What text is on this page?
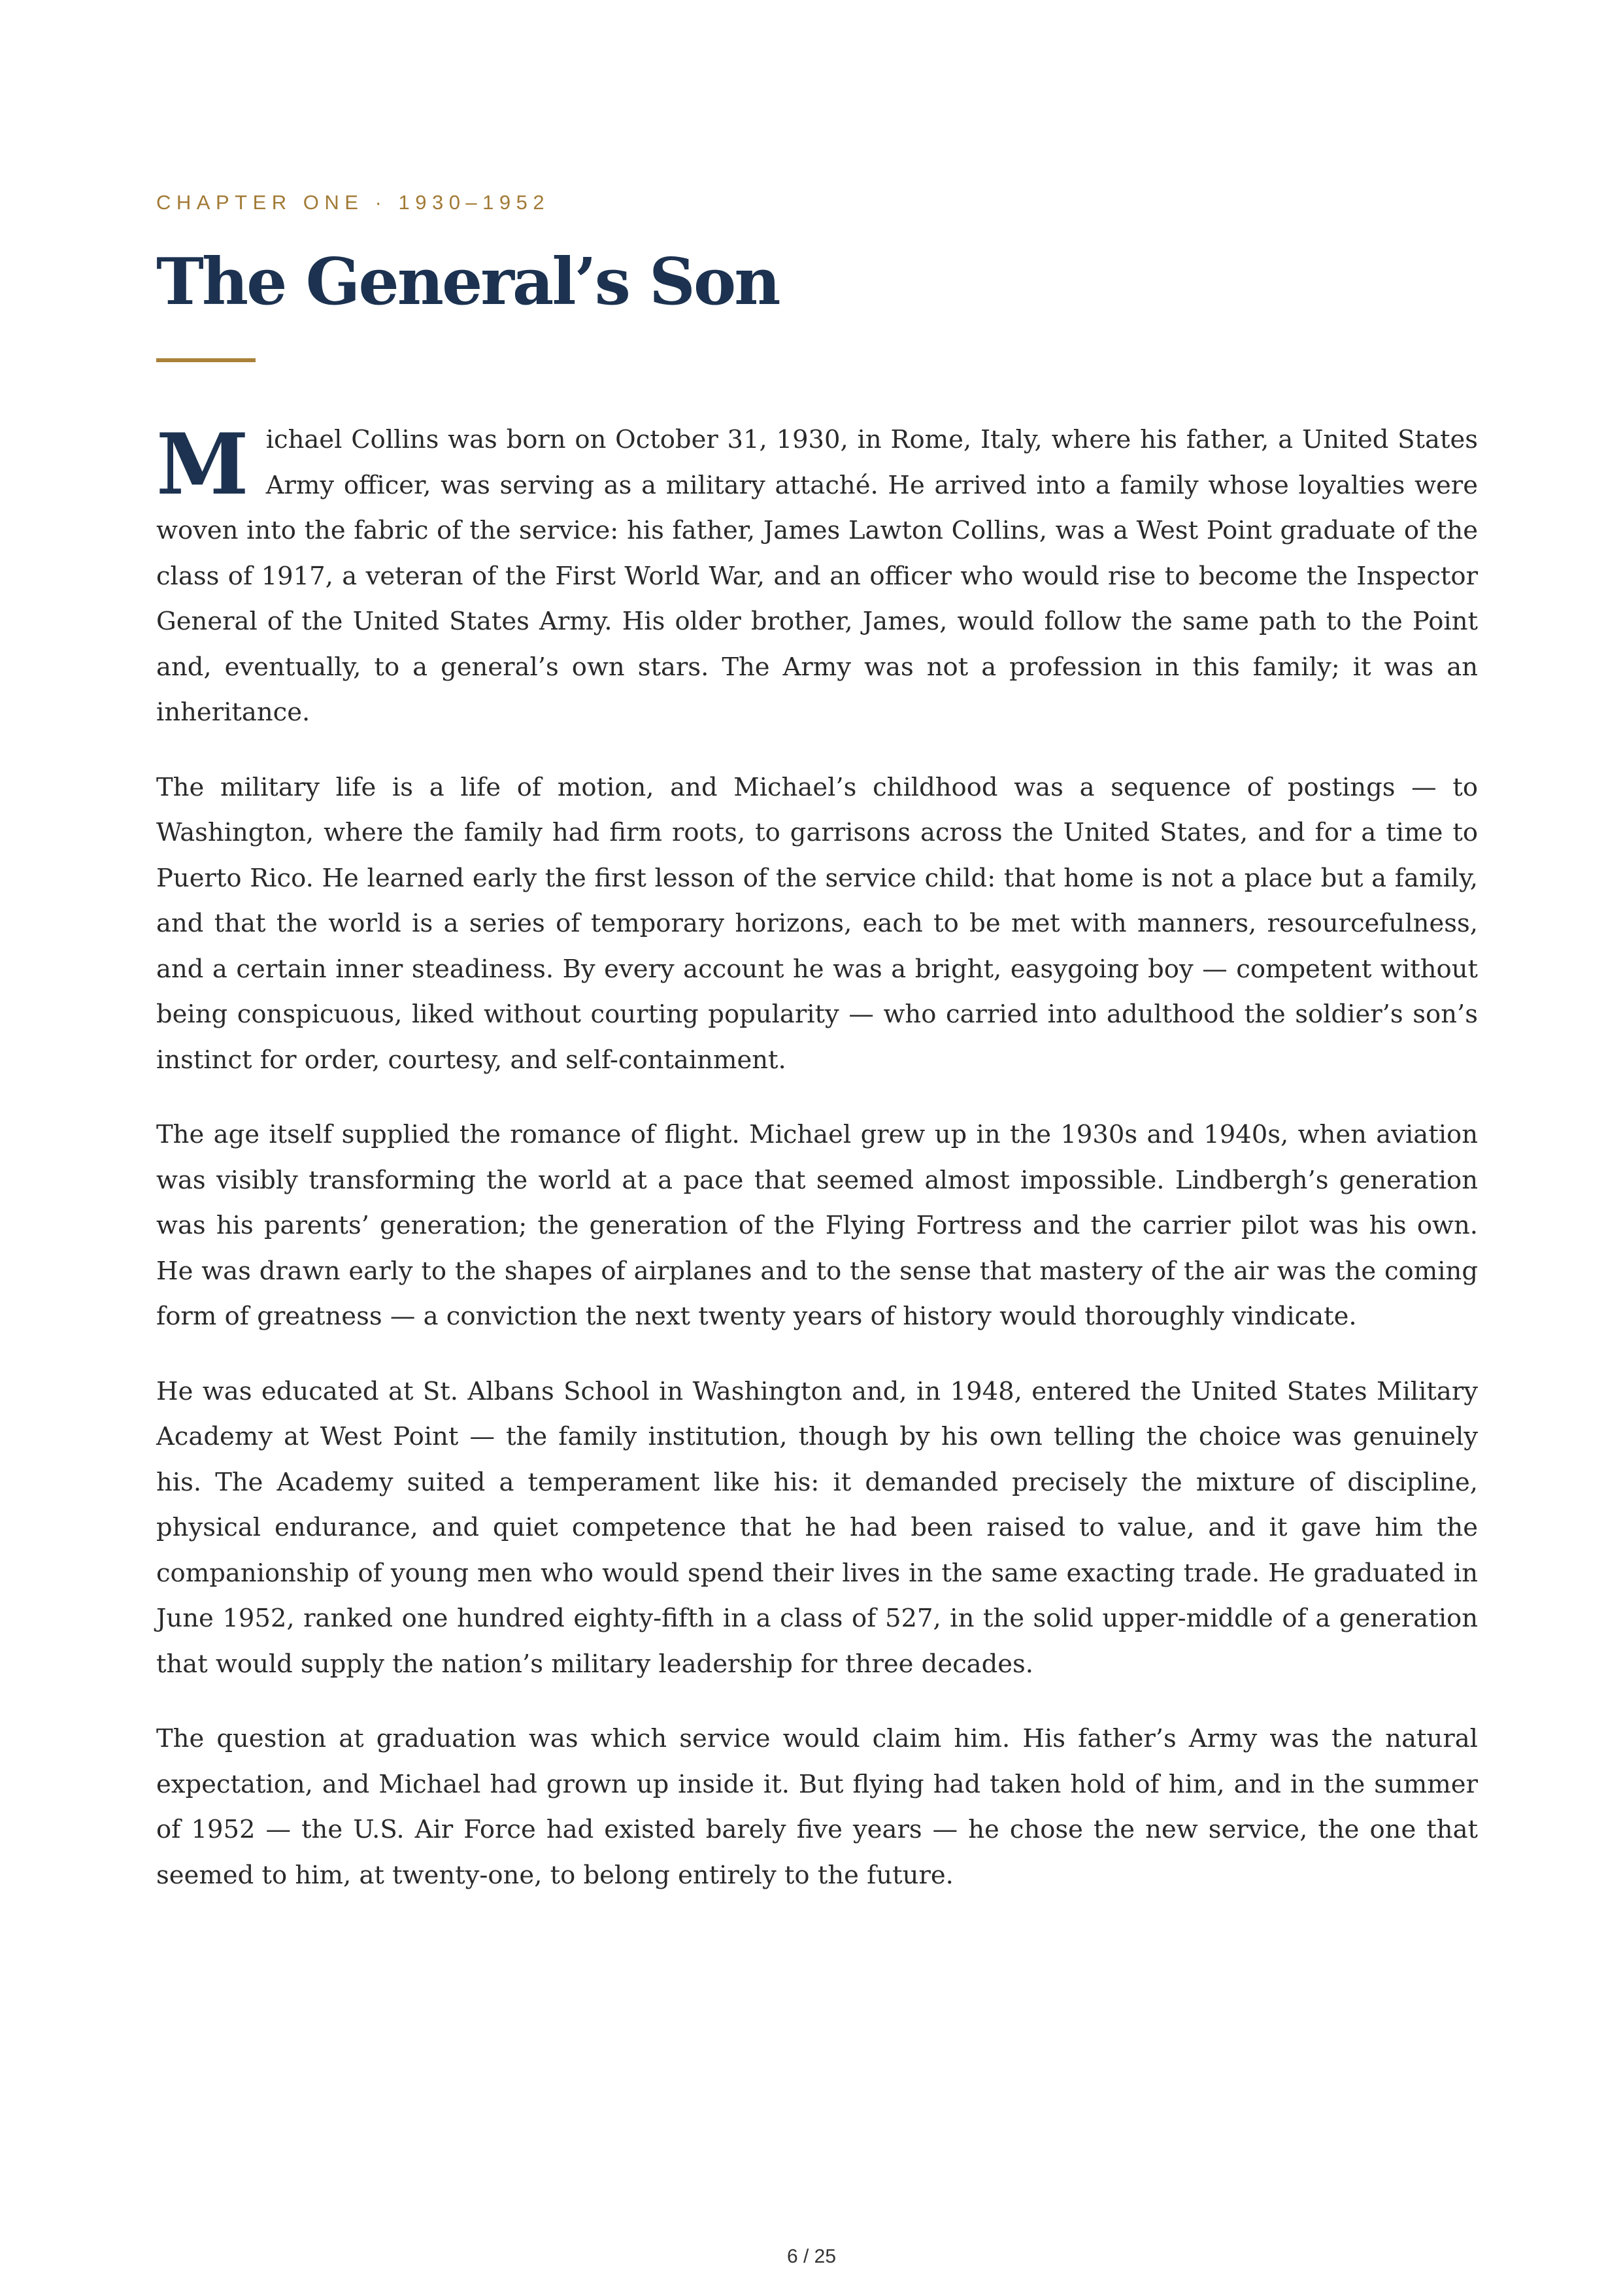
CHAPTER ONE · 1930–1952
The General’s Son

Michael Collins was born on October 31, 1930, in Rome, Italy, where his father, a United States Army officer, was serving as a military attaché. He arrived into a family whose loyalties were woven into the fabric of the service: his father, James Lawton Collins, was a West Point graduate of the class of 1917, a veteran of the First World War, and an officer who would rise to become the Inspector General of the United States Army. His older brother, James, would follow the same path to the Point and, eventually, to a general’s own stars. The Army was not a profession in this family; it was an inheritance.

The military life is a life of motion, and Michael’s childhood was a sequence of postings — to Washington, where the family had firm roots, to garrisons across the United States, and for a time to Puerto Rico. He learned early the first lesson of the service child: that home is not a place but a family, and that the world is a series of temporary horizons, each to be met with manners, resourcefulness, and a certain inner steadiness. By every account he was a bright, easygoing boy — competent without being conspicuous, liked without courting popularity — who carried into adulthood the soldier’s son’s instinct for order, courtesy, and self-containment.

The age itself supplied the romance of flight. Michael grew up in the 1930s and 1940s, when aviation was visibly transforming the world at a pace that seemed almost impossible. Lindbergh’s generation was his parents’ generation; the generation of the Flying Fortress and the carrier pilot was his own. He was drawn early to the shapes of airplanes and to the sense that mastery of the air was the coming form of greatness — a conviction the next twenty years of history would thoroughly vindicate.

He was educated at St. Albans School in Washington and, in 1948, entered the United States Military Academy at West Point — the family institution, though by his own telling the choice was genuinely his. The Academy suited a temperament like his: it demanded precisely the mixture of discipline, physical endurance, and quiet competence that he had been raised to value, and it gave him the companionship of young men who would spend their lives in the same exacting trade. He graduated in June 1952, ranked one hundred eighty-fifth in a class of 527, in the solid upper-middle of a generation that would supply the nation’s military leadership for three decades.

The question at graduation was which service would claim him. His father’s Army was the natural expectation, and Michael had grown up inside it. But flying had taken hold of him, and in the summer of 1952 — the U.S. Air Force had existed barely five years — he chose the new service, the one that seemed to him, at twenty-one, to belong entirely to the future.

6 / 25
